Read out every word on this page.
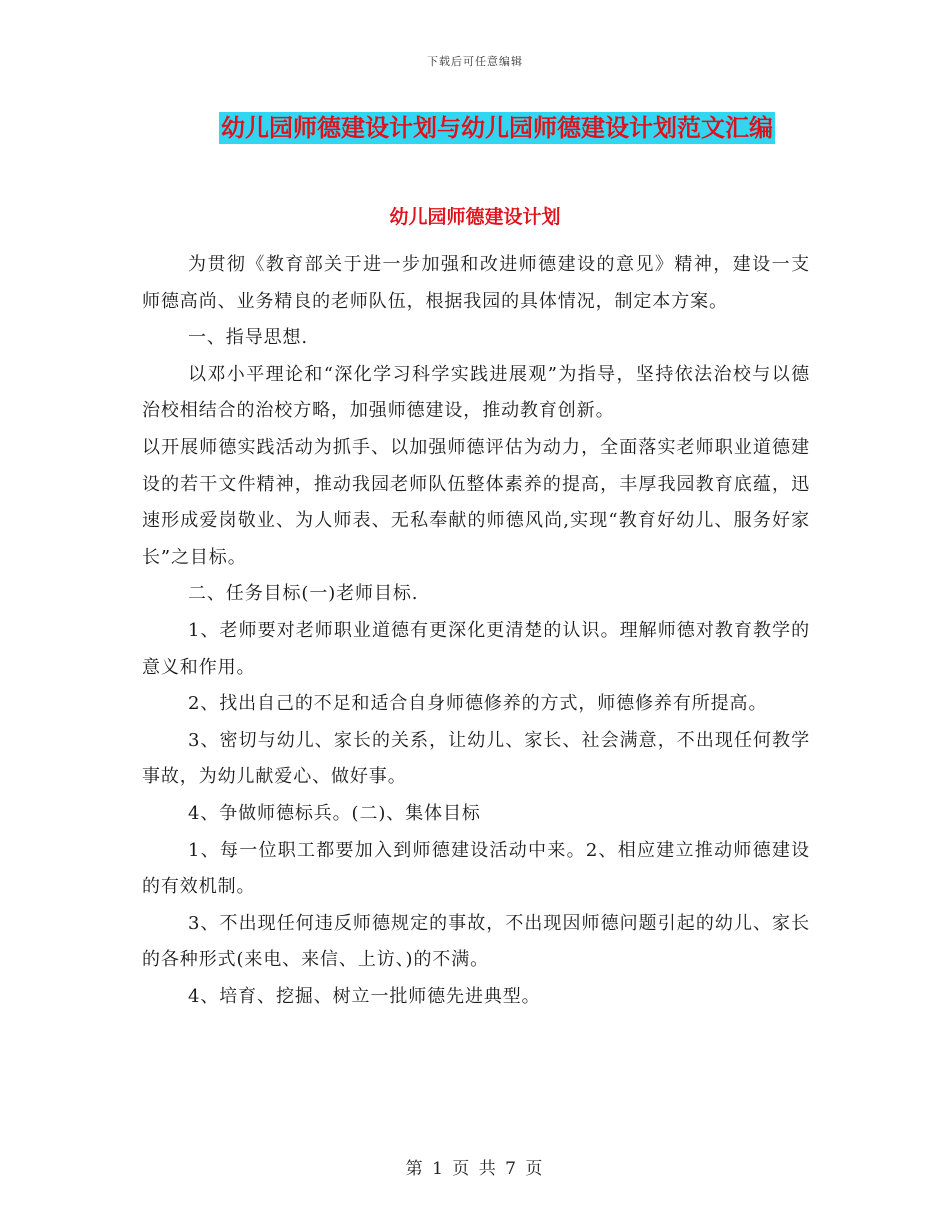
下载后可任意编辑
幼儿园师德建设计划与幼儿园师德建设计划范文汇编
幼儿园师德建设计划

为贯彻《教育部关于进一步加强和改进师德建设的意见》精神，建设一支师德高尚、业务精良的老师队伍，根据我园的具体情况，制定本方案。

一、指导思想.

以邓小平理论和“深化学习科学实践进展观”为指导，坚持依法治校与以德治校相结合的治校方略，加强师德建设，推动教育创新。

以开展师德实践活动为抓手、以加强师德评估为动力，全面落实老师职业道德建设的若干文件精神，推动我园老师队伍整体素养的提高，丰厚我园教育底蕴，迅速形成爱岗敬业、为人师表、无私奉献的师德风尚,实现“教育好幼儿、服务好家长”之目标。

二、任务目标(一)老师目标.

1、老师要对老师职业道德有更深化更清楚的认识。理解师德对教育教学的意义和作用。

2、找出自己的不足和适合自身师德修养的方式，师德修养有所提高。

3、密切与幼儿、家长的关系，让幼儿、家长、社会满意，不出现任何教学事故，为幼儿献爱心、做好事。

4、争做师德标兵。(二)、集体目标

1、每一位职工都要加入到师德建设活动中来。2、相应建立推动师德建设的有效机制。

3、不出现任何违反师德规定的事故，不出现因师德问题引起的幼儿、家长的各种形式(来电、来信、上访、)的不满。

4、培育、挖掘、树立一批师德先进典型。

第 1 页 共 7 页
